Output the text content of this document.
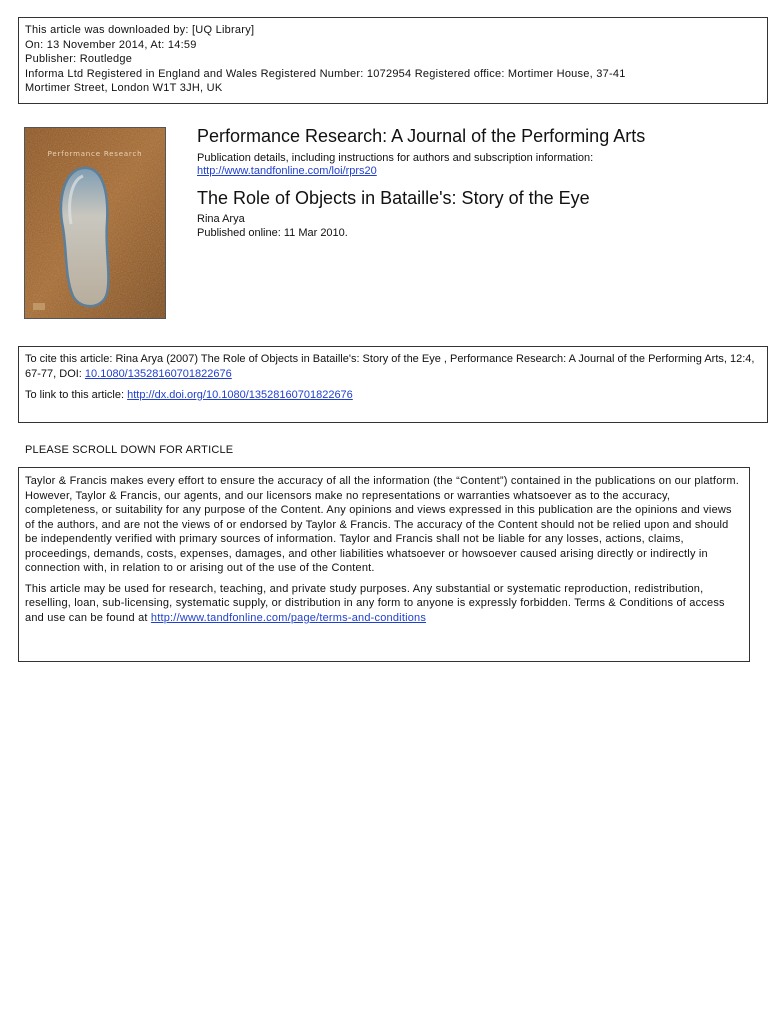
This article was downloaded by: [UQ Library]
On: 13 November 2014, At: 14:59
Publisher: Routledge
Informa Ltd Registered in England and Wales Registered Number: 1072954 Registered office: Mortimer House, 37-41
Mortimer Street, London W1T 3JH, UK
Performance Research
Performance Research: A Journal of the Performing Arts
Publication details, including instructions for authors and subscription information:
http://www.tandfonline.com/loi/rprs20
The Role of Objects in Bataille's: Story of the Eye
Rina Arya
Published online: 11 Mar 2010.
To cite this article: Rina Arya (2007) The Role of Objects in Bataille's: Story of the Eye , Performance Research: A Journal of the Performing Arts, 12:4, 67-77, DOI: 10.1080/13528160701822676
To link to this article: http://dx.doi.org/10.1080/13528160701822676
PLEASE SCROLL DOWN FOR ARTICLE

Taylor & Francis makes every effort to ensure the accuracy of all the information (the “Content”) contained in the publications on our platform. However, Taylor & Francis, our agents, and our licensors make no representations or warranties whatsoever as to the accuracy, completeness, or suitability for any purpose of the Content. Any opinions and views expressed in this publication are the opinions and views of the authors, and are not the views of or endorsed by Taylor & Francis. The accuracy of the Content should not be relied upon and should be independently verified with primary sources of information. Taylor and Francis shall not be liable for any losses, actions, claims, proceedings, demands, costs, expenses, damages, and other liabilities whatsoever or howsoever caused arising directly or indirectly in connection with, in relation to or arising out of the use of the Content.

This article may be used for research, teaching, and private study purposes. Any substantial or systematic reproduction, redistribution, reselling, loan, sub-licensing, systematic supply, or distribution in any form to anyone is expressly forbidden. Terms & Conditions of access and use can be found at http://www.tandfonline.com/page/terms-and-conditions
